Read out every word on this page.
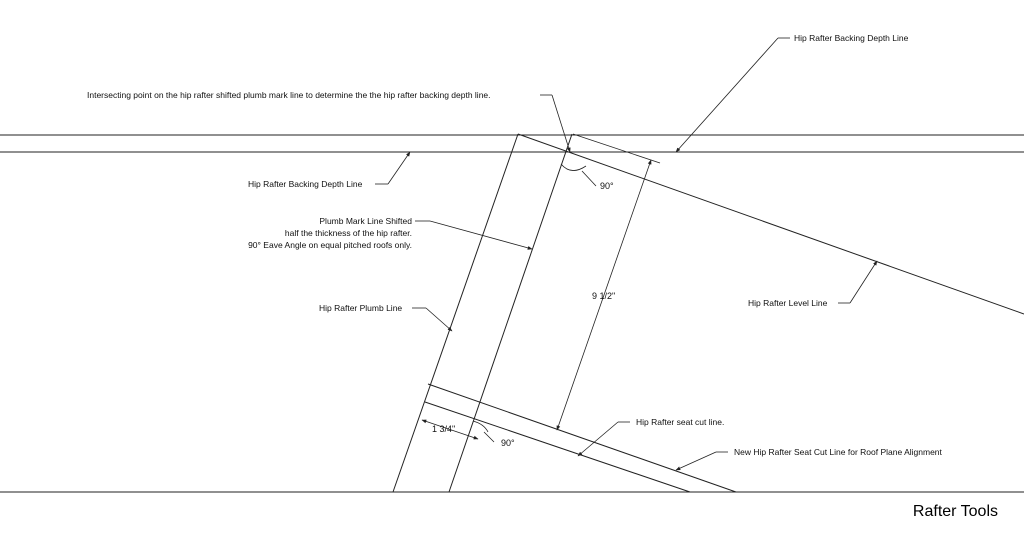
9 1/2"
90°
1 3/4"
90°
Hip Rafter Backing Depth Line
Intersecting point on the hip rafter shifted plumb mark line to determine the the hip rafter backing depth line.
Hip Rafter Backing Depth Line
Plumb Mark Line Shifted
half the thickness of the hip rafter.
90° Eave Angle on equal pitched roofs only.
Hip Rafter Plumb Line	Hip Rafter Level Line
Hip Rafter seat cut line.
New Hip Rafter Seat Cut Line for Roof Plane Alignment
Rafter Tools
